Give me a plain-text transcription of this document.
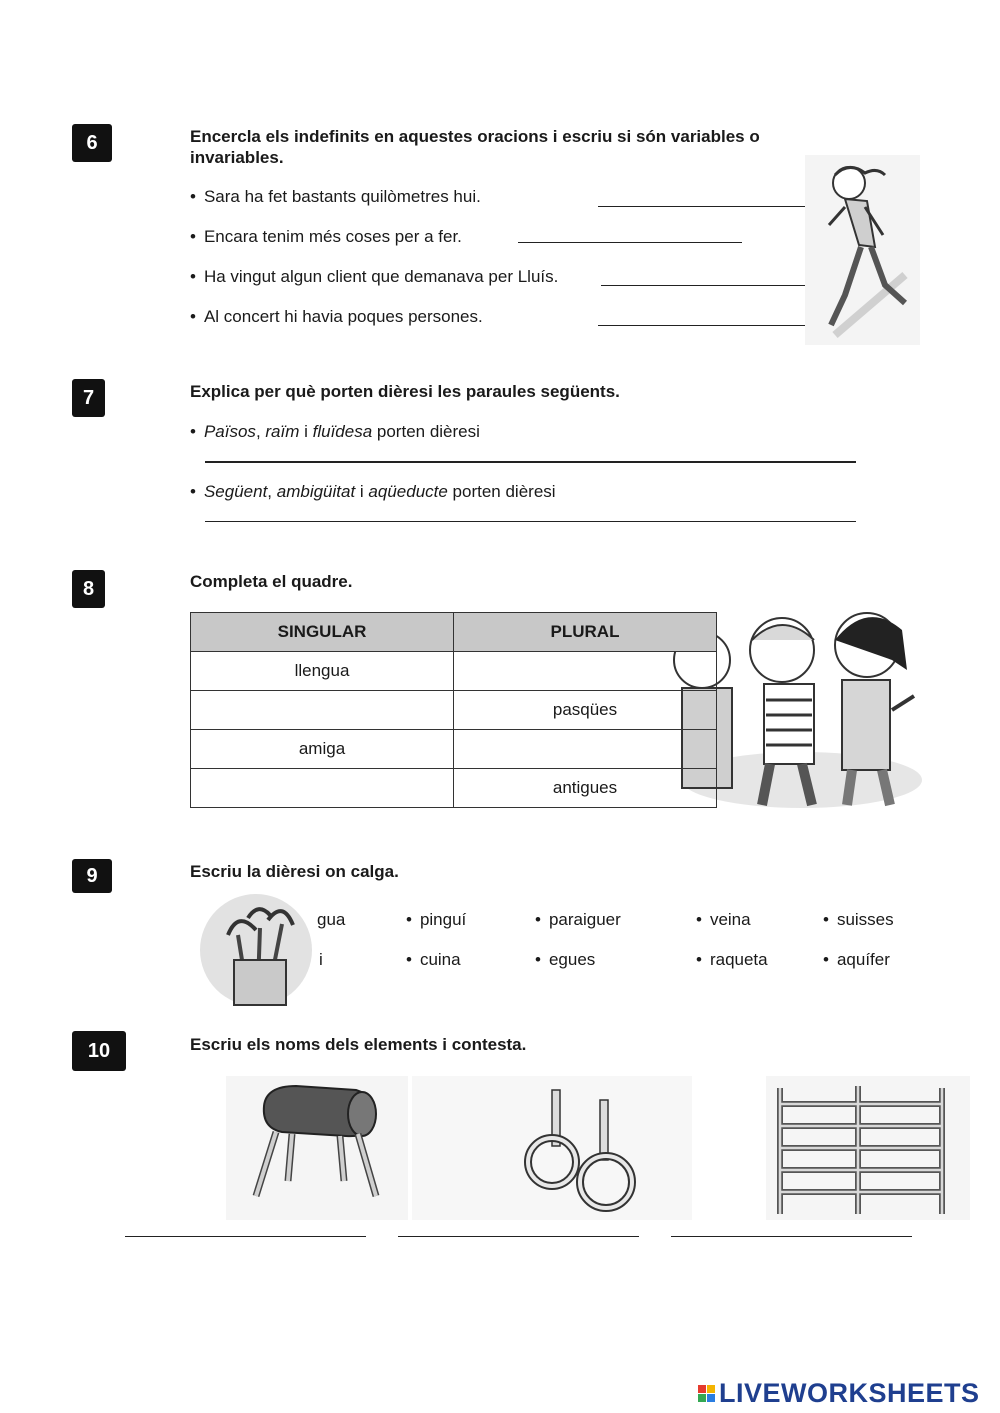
6	Encercla els indefinits en aquestes oracions i escriu si són variables o invariables.
• Sara ha fet bastants quilòmetres hui.
• Encara tenim més coses per a fer.
• Ha vingut algun client que demanava per Lluís.
• Al concert hi havia poques persones.
7	Explica per què porten dièresi les paraules següents.
• Països, raïm i fluïdesa porten dièresi
• Següent, ambigüitat i aqüeducte porten dièresi
8	Completa el quadre.
SINGULAR	PLURAL
llengua	
	pasqües
amiga	
	antigues
9	Escriu la dièresi on calga.
gua	• pinguí	• paraiguer	• veina	• suisses
i	• cuina	• egues	• raqueta	• aquífer
10	Escriu els noms dels elements i contesta.
LIVEWORKSHEETS
